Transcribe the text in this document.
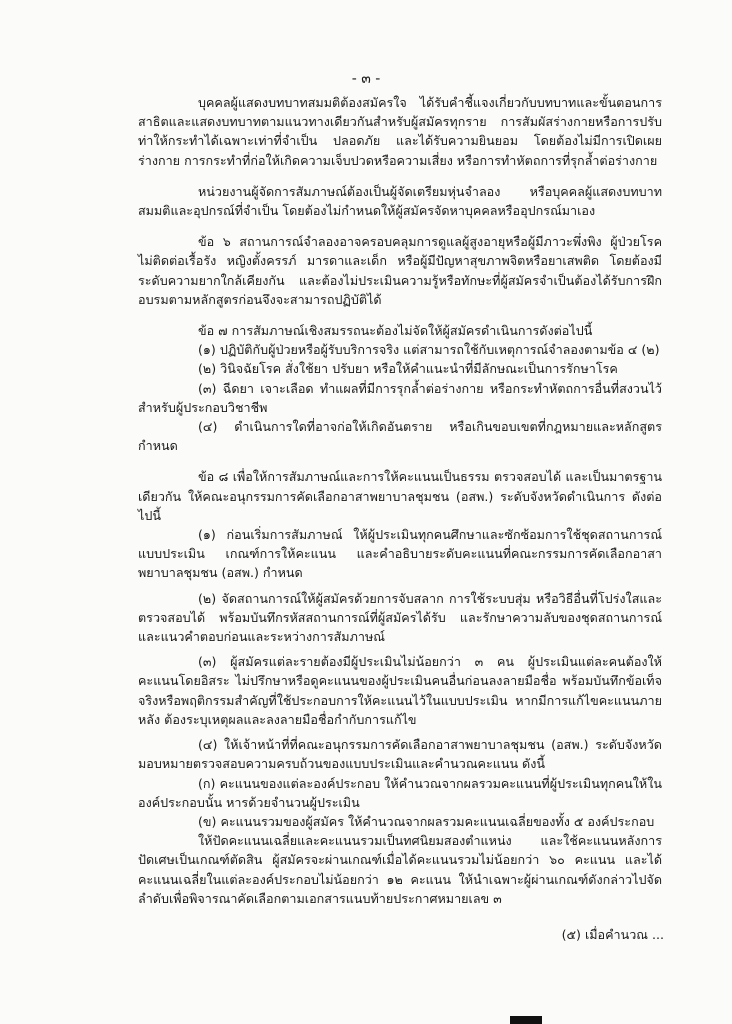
- ๓ -

บุคคลผู้แสดงบทบาทสมมติต้องสมัครใจ ได้รับคำชี้แจงเกี่ยวกับบทบาทและขั้นตอนการสาธิตและแสดงบทบาทตามแนวทางเดียวกันสำหรับผู้สมัครทุกราย การสัมผัสร่างกายหรือการปรับท่าให้กระทำได้เฉพาะเท่าที่จำเป็น ปลอดภัย และได้รับความยินยอม โดยต้องไม่มีการเปิดเผยร่างกาย การกระทำที่ก่อให้เกิดความเจ็บปวดหรือความเสี่ยง หรือการทำหัตถการที่รุกล้ำต่อร่างกาย

หน่วยงานผู้จัดการสัมภาษณ์ต้องเป็นผู้จัดเตรียมหุ่นจำลอง หรือบุคคลผู้แสดงบทบาทสมมติและอุปกรณ์ที่จำเป็น โดยต้องไม่กำหนดให้ผู้สมัครจัดหาบุคคลหรืออุปกรณ์มาเอง

ข้อ ๖ สถานการณ์จำลองอาจครอบคลุมการดูแลผู้สูงอายุหรือผู้มีภาวะพึ่งพิง ผู้ป่วยโรคไม่ติดต่อเรื้อรัง หญิงตั้งครรภ์ มารดาและเด็ก หรือผู้มีปัญหาสุขภาพจิตหรือยาเสพติด โดยต้องมีระดับความยากใกล้เคียงกัน และต้องไม่ประเมินความรู้หรือทักษะที่ผู้สมัครจำเป็นต้องได้รับการฝึกอบรมตามหลักสูตรก่อนจึงจะสามารถปฏิบัติได้

ข้อ ๗ การสัมภาษณ์เชิงสมรรถนะต้องไม่จัดให้ผู้สมัครดำเนินการดังต่อไปนี้

(๑) ปฏิบัติกับผู้ป่วยหรือผู้รับบริการจริง แต่สามารถใช้กับเหตุการณ์จำลองตามข้อ ๔ (๒)

(๒) วินิจฉัยโรค สั่งใช้ยา ปรับยา หรือให้คำแนะนำที่มีลักษณะเป็นการรักษาโรค

(๓) ฉีดยา เจาะเลือด ทำแผลที่มีการรุกล้ำต่อร่างกาย หรือกระทำหัตถการอื่นที่สงวนไว้สำหรับผู้ประกอบวิชาชีพ

(๔) ดำเนินการใดที่อาจก่อให้เกิดอันตราย หรือเกินขอบเขตที่กฎหมายและหลักสูตรกำหนด

ข้อ ๘ เพื่อให้การสัมภาษณ์และการให้คะแนนเป็นธรรม ตรวจสอบได้ และเป็นมาตรฐานเดียวกัน ให้คณะอนุกรรมการคัดเลือกอาสาพยาบาลชุมชน (อสพ.) ระดับจังหวัดดำเนินการ ดังต่อไปนี้

(๑) ก่อนเริ่มการสัมภาษณ์ ให้ผู้ประเมินทุกคนศึกษาและซักซ้อมการใช้ชุดสถานการณ์ แบบประเมิน เกณฑ์การให้คะแนน และคำอธิบายระดับคะแนนที่คณะกรรมการคัดเลือกอาสาพยาบาลชุมชน (อสพ.) กำหนด

(๒) จัดสถานการณ์ให้ผู้สมัครด้วยการจับสลาก การใช้ระบบสุ่ม หรือวิธีอื่นที่โปร่งใสและตรวจสอบได้ พร้อมบันทึกรหัสสถานการณ์ที่ผู้สมัครได้รับ และรักษาความลับของชุดสถานการณ์และแนวคำตอบก่อนและระหว่างการสัมภาษณ์

(๓) ผู้สมัครแต่ละรายต้องมีผู้ประเมินไม่น้อยกว่า ๓ คน ผู้ประเมินแต่ละคนต้องให้คะแนนโดยอิสระ ไม่ปรึกษาหรือดูคะแนนของผู้ประเมินคนอื่นก่อนลงลายมือชื่อ พร้อมบันทึกข้อเท็จจริงหรือพฤติกรรมสำคัญที่ใช้ประกอบการให้คะแนนไว้ในแบบประเมิน หากมีการแก้ไขคะแนนภายหลัง ต้องระบุเหตุผลและลงลายมือชื่อกำกับการแก้ไข

(๔) ให้เจ้าหน้าที่ที่คณะอนุกรรมการคัดเลือกอาสาพยาบาลชุมชน (อสพ.) ระดับจังหวัดมอบหมายตรวจสอบความครบถ้วนของแบบประเมินและคำนวณคะแนน ดังนี้

(ก) คะแนนของแต่ละองค์ประกอบ ให้คำนวณจากผลรวมคะแนนที่ผู้ประเมินทุกคนให้ในองค์ประกอบนั้น หารด้วยจำนวนผู้ประเมิน

(ข) คะแนนรวมของผู้สมัคร ให้คำนวณจากผลรวมคะแนนเฉลี่ยของทั้ง ๕ องค์ประกอบ

ให้ปัดคะแนนเฉลี่ยและคะแนนรวมเป็นทศนิยมสองตำแหน่ง และใช้คะแนนหลังการปัดเศษเป็นเกณฑ์ตัดสิน ผู้สมัครจะผ่านเกณฑ์เมื่อได้คะแนนรวมไม่น้อยกว่า ๖๐ คะแนน และได้คะแนนเฉลี่ยในแต่ละองค์ประกอบไม่น้อยกว่า ๑๒ คะแนน ให้นำเฉพาะผู้ผ่านเกณฑ์ดังกล่าวไปจัดลำดับเพื่อพิจารณาคัดเลือกตามเอกสารแนบท้ายประกาศหมายเลข ๓

(๕) เมื่อคำนวณ ...
